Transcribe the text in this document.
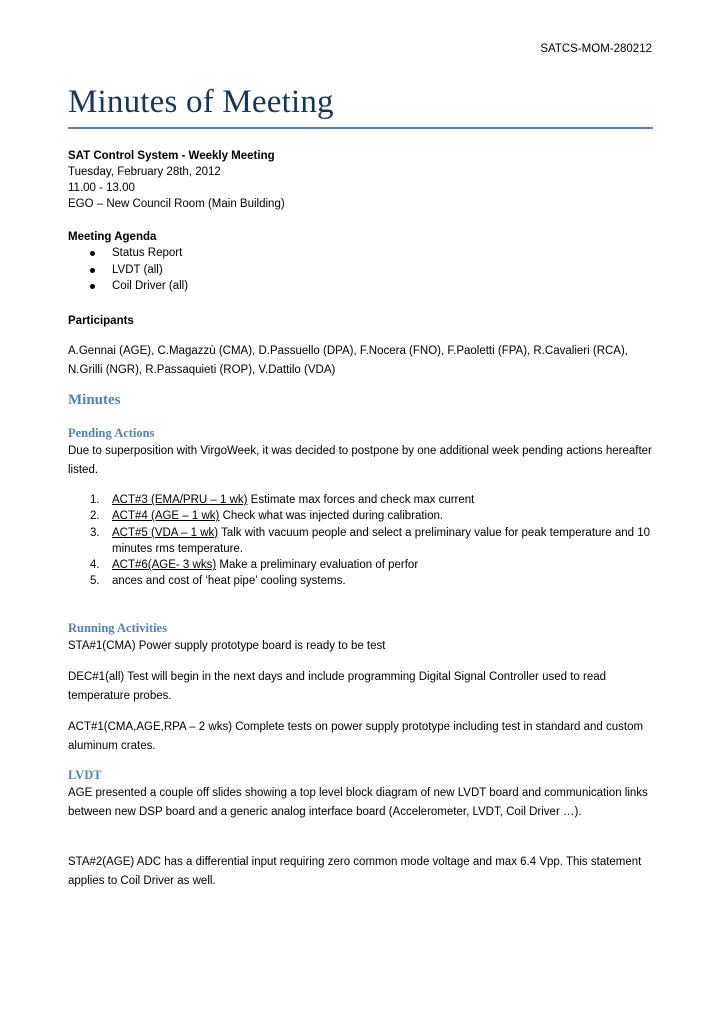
SATCS-MOM-280212
Minutes of Meeting
SAT Control System - Weekly Meeting
Tuesday, February 28th, 2012
11.00 - 13.00
EGO – New Council Room (Main Building)
Meeting Agenda
Status Report
LVDT (all)
Coil Driver (all)
Participants
A.Gennai (AGE), C.Magazzù (CMA), D.Passuello (DPA), F.Nocera (FNO), F.Paoletti (FPA), R.Cavalieri (RCA), N.Grilli (NGR), R.Passaquieti (ROP), V.Dattilo (VDA)
Minutes
Pending Actions
Due to superposition with VirgoWeek, it was decided to postpone by one additional week pending actions hereafter listed.
1. ACT#3 (EMA/PRU – 1 wk) Estimate max forces and check max current
2. ACT#4 (AGE – 1 wk) Check what was injected during calibration.
3. ACT#5 (VDA – 1 wk) Talk with vacuum people and select a preliminary value for peak temperature and 10 minutes rms temperature.
4. ACT#6(AGE- 3 wks) Make a preliminary evaluation of perfor
5. ances and cost of ‘heat pipe’ cooling systems.
Running Activities
STA#1(CMA) Power supply prototype board is ready to be test
DEC#1(all) Test will begin in the next days and include programming Digital Signal Controller used to read temperature probes.
ACT#1(CMA,AGE,RPA – 2 wks) Complete tests on power supply prototype including test in standard and custom aluminum crates.
LVDT
AGE presented a couple off slides showing a top level block diagram of new LVDT board and communication links between new DSP board and a generic analog interface board (Accelerometer, LVDT, Coil Driver …).
STA#2(AGE) ADC has a differential input requiring zero common mode voltage and max 6.4 Vpp. This statement applies to Coil Driver as well.
